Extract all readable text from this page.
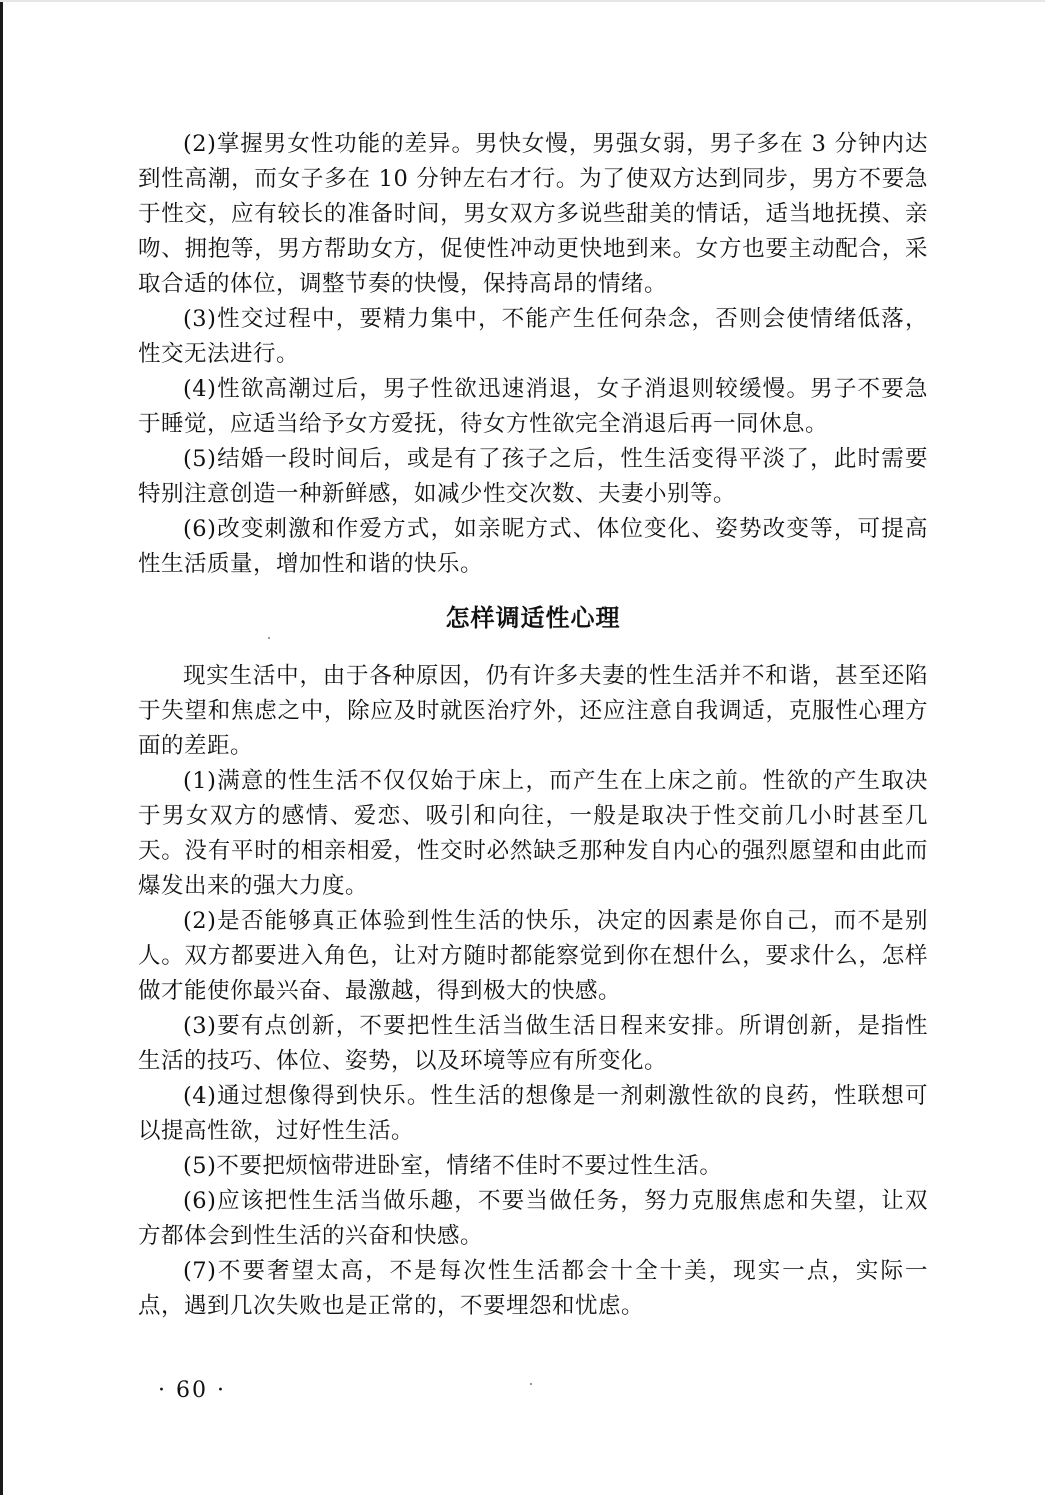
(2)掌握男女性功能的差异。男快女慢，男强女弱，男子多在 3 分钟内达到性高潮，而女子多在 10 分钟左右才行。为了使双方达到同步，男方不要急于性交，应有较长的准备时间，男女双方多说些甜美的情话，适当地抚摸、亲吻、拥抱等，男方帮助女方，促使性冲动更快地到来。女方也要主动配合，采取合适的体位，调整节奏的快慢，保持高昂的情绪。

(3)性交过程中，要精力集中，不能产生任何杂念，否则会使情绪低落，性交无法进行。

(4)性欲高潮过后，男子性欲迅速消退，女子消退则较缓慢。男子不要急于睡觉，应适当给予女方爱抚，待女方性欲完全消退后再一同休息。

(5)结婚一段时间后，或是有了孩子之后，性生活变得平淡了，此时需要特别注意创造一种新鲜感，如减少性交次数、夫妻小别等。

(6)改变刺激和作爱方式，如亲昵方式、体位变化、姿势改变等，可提高性生活质量，增加性和谐的快乐。

怎样调适性心理

现实生活中，由于各种原因，仍有许多夫妻的性生活并不和谐，甚至还陷于失望和焦虑之中，除应及时就医治疗外，还应注意自我调适，克服性心理方面的差距。

(1)满意的性生活不仅仅始于床上，而产生在上床之前。性欲的产生取决于男女双方的感情、爱恋、吸引和向往，一般是取决于性交前几小时甚至几天。没有平时的相亲相爱，性交时必然缺乏那种发自内心的强烈愿望和由此而爆发出来的强大力度。

(2)是否能够真正体验到性生活的快乐，决定的因素是你自己，而不是别人。双方都要进入角色，让对方随时都能察觉到你在想什么，要求什么，怎样做才能使你最兴奋、最激越，得到极大的快感。

(3)要有点创新，不要把性生活当做生活日程来安排。所谓创新，是指性生活的技巧、体位、姿势，以及环境等应有所变化。

(4)通过想像得到快乐。性生活的想像是一剂刺激性欲的良药，性联想可以提高性欲，过好性生活。

(5)不要把烦恼带进卧室，情绪不佳时不要过性生活。

(6)应该把性生活当做乐趣，不要当做任务，努力克服焦虑和失望，让双方都体会到性生活的兴奋和快感。

(7)不要奢望太高，不是每次性生活都会十全十美，现实一点，实际一点，遇到几次失败也是正常的，不要埋怨和忧虑。

· 60 ·
